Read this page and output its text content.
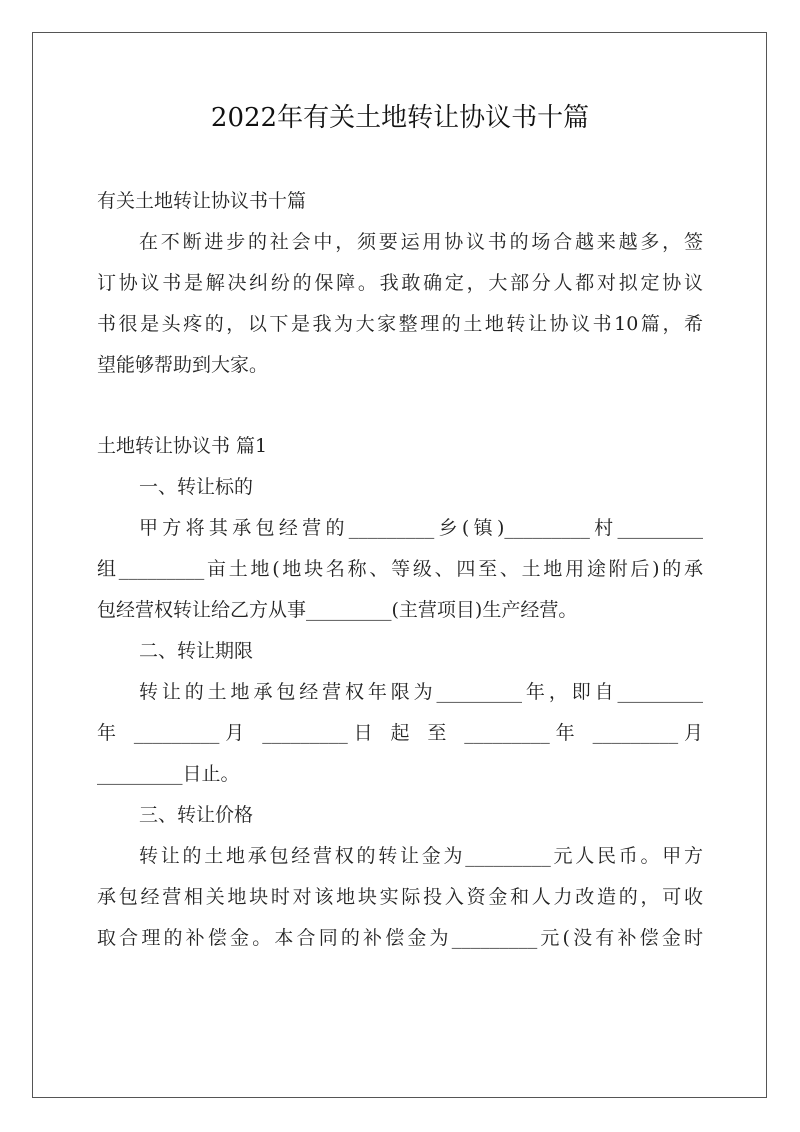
2022年有关土地转让协议书十篇
有关土地转让协议书十篇
在不断进步的社会中，须要运用协议书的场合越来越多，签
订协议书是解决纠纷的保障。我敢确定，大部分人都对拟定协议
书很是头疼的，以下是我为大家整理的土地转让协议书10篇，希
望能够帮助到大家。
土地转让协议书 篇1
一、转让标的
甲方将其承包经营的_________乡(镇)_________村_________
组_________亩土地(地块名称、等级、四至、土地用途附后)的承
包经营权转让给乙方从事_________(主营项目)生产经营。
二、转让期限
转让的土地承包经营权年限为_________年，即自_________
年 _________月 _________日 起 至 _________年 _________月
_________日止。
三、转让价格
转让的土地承包经营权的转让金为_________元人民币。甲方
承包经营相关地块时对该地块实际投入资金和人力改造的，可收
取合理的补偿金。本合同的补偿金为_________元(没有补偿金时
